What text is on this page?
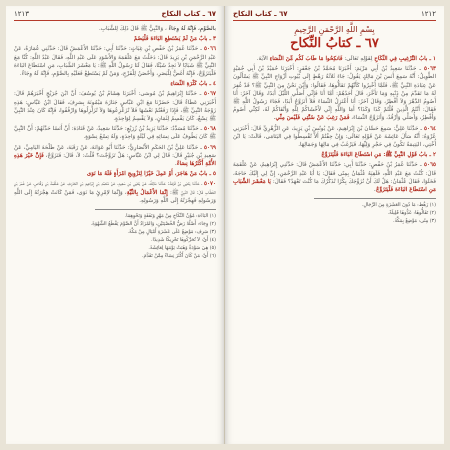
٦٧ ـ كتاب النكاح
١٢١٣

بالصَّوْمِ، فَإِنَّهُ لَهُ وِجَاءٌ ، وَالنَّبِيُّ ﷺ قَالَ ذَلِكَ لِلشَّبَابِ.

٣ ـ بابٌ مَنْ لَمْ يَسْتَطِعِ البَاءَةَ فَلْيَصُمْ

٥٠٦٦ ـ حَدَّثَنَا عُمَرُ بْنُ حَفْصِ بْنِ غِيَاثٍ: حَدَّثَنَا أَبِي: حَدَّثَنَا الأَعْمَشُ قَالَ: حَدَّثَنِي عُمَارَةُ، عَنْ عَبْدِ الرَّحْمَنِ بْنِ يَزِيدَ قَالَ: دَخَلْتُ مَعَ عَلْقَمَةَ وَالأَسْوَدِ عَلَى عَبْدِ اللَّهِ، فَقَالَ عَبْدُ اللَّهِ: كُنَّا مَعَ النَّبِيِّ ﷺ شَبَابًا لاَ نَجِدُ شَيْئًا، فَقَالَ لَنَا رَسُولُ اللَّهِ ﷺ: يَا مَعْشَرَ الشَّبَابِ، مَنِ اسْتَطَاعَ البَاءَةَ فَلْيَتَزَوَّجْ، فَإِنَّهُ أَغَضُّ لِلْبَصَرِ، وَأَحْصَنُ لِلْفَرْجِ، وَمَنْ لَمْ يَسْتَطِعْ فَعَلَيْهِ بِالصَّوْمِ، فَإِنَّهُ لَهُ وِجَاءٌ.

٤ ـ بابُ كَثْرَةِ النِّسَاءِ

٥٠٦٧ ـ حَدَّثَنَا إِبْرَاهِيمُ بْنُ مُوسَى: أَخْبَرَنَا هِشَامُ بْنُ يُوسُفَ: أَنَّ ابْنَ جُرَيْجٍ أَخْبَرَهُمْ قَالَ: أَخْبَرَنِي عَطَاءٌ قَالَ: حَضَرْنَا مَعَ ابْنِ عَبَّاسٍ جَنَازَةَ مَيْمُونَةَ بِسَرِفَ، فَقَالَ ابْنُ عَبَّاسٍ: هَذِهِ زَوْجَةُ النَّبِيِّ ﷺ، فَإِذَا رَفَعْتُمْ نَعْشَهَا فَلاَ تُزَعْزِعُوهَا وَلاَ تُزَلْزِلُوهَا وَارْفُقُوا، فَإِنَّهُ كَانَ عِنْدَ النَّبِيِّ ﷺ تِسْعٌ، كَانَ يَقْسِمُ لِثَمَانٍ، وَلاَ يَقْسِمُ لِوَاحِدَةٍ.

٥٠٦٨ ـ حَدَّثَنَا مُسَدَّدٌ: حَدَّثَنَا يَزِيدُ بْنُ زُرَيْعٍ: حَدَّثَنَا سَعِيدٌ، عَنْ قَتَادَةَ: أَنَّ أَنَسًا حَدَّثَهُمْ: أَنَّ النَّبِيَّ ﷺ كَانَ يَطُوفُ عَلَى نِسَائِهِ فِي لَيْلَةٍ وَاحِدَةٍ، وَلَهُ تِسْعُ نِسْوَةٍ.

٥٠٦٩ ـ حَدَّثَنَا عَلِيُّ بْنُ الحَكَمِ الأَنْصَارِيُّ: حَدَّثَنَا أَبُو عَوَانَةَ، عَنْ رَقَبَةَ، عَنْ طَلْحَةَ اليَامِيِّ، عَنْ سَعِيدِ بْنِ جُبَيْرٍ قَالَ: قَالَ لِي ابْنُ عَبَّاسٍ: هَلْ تَزَوَّجْتَ؟ قُلْتُ: لاَ، قَالَ: فَتَزَوَّجْ، فَإِنَّ خَيْرَ هَذِهِ الأُمَّةِ أَكْثَرُهَا نِسَاءً.

٥ ـ بابٌ مَنْ هَاجَرَ، أَوْ عَمِلَ خَيْرًا لِتَزْوِيجِ امْرَأَةٍ فَلَهُ مَا نَوَى

٥٠٧٠ ـ حَدَّثَنَا يَحْيَى بْنُ قَزَعَةَ: حَدَّثَنَا مَالِكٌ، عَنْ يَحْيَى بْنِ سَعِيدٍ، عَنْ مُحَمَّدِ بْنِ إِبْرَاهِيمَ بْنِ الحَارِثِ، عَنْ عَلْقَمَةَ بْنِ وَقَّاصٍ، عَنْ عُمَرَ بْنِ الخَطَّابِ قَالَ: قَالَ النَّبِيُّ ﷺ: إِنَّمَا الأَعْمَالُ بِالنِّيَّةِ، وَإِنَّمَا لاِمْرِئٍ مَا نَوَى، فَمَنْ كَانَتْ هِجْرَتُهُ إِلَى اللَّهِ وَرَسُولِهِ فَهِجْرَتُهُ إِلَى اللَّهِ وَرَسُولِهِ.

(١) البَاءَة: مُؤَنُ النِّكَاحِ مِنْ مَهْرٍ وَنَفَقَةٍ وَنَحْوِهِمَا.

(٢) وِجَاء: أَصْلُهُ رَضُّ الخُصْيَتَيْنِ، وَالمُرَادُ أَنَّ الصَّوْمَ يَقْطَعُ الشَّهْوَةَ.

(٣) سَرِف: مَوْضِعٌ عَلَى عَشَرَةِ أَمْيَالٍ مِنْ مَكَّةَ.

(٤) أَيْ: لاَ تُحَرِّكُوهَا تَحْرِيكًا شَدِيدًا.

(٥) هِيَ سَوْدَةُ وَهَبَتْ يَوْمَهَا لِعَائِشَةَ.

(٦) أَيْ: مَنْ كَانَ أَكْثَرَ نِسَاءً مِمَّنْ تَقَدَّمَ.

١٢١٢
٦٧ ـ كتاب النكاح
بِسْمِ اللَّهِ الرَّحْمَنِ الرَّحِيمِ
٦٧ ـ كتابُ النِّكاح

١ ـ بابُ التَّرْغِيبِ فِي النِّكَاحِ لِقَوْلِهِ تَعَالَى: فَانكِحُوا مَا طَابَ لَكُم مِّنَ النِّسَاءِ الآيَةَ.

٥٠٦٣ ـ حَدَّثَنَا سَعِيدُ بْنُ أَبِي مَرْيَمَ: أَخْبَرَنَا مُحَمَّدُ بْنُ جَعْفَرٍ: أَخْبَرَنَا حُمَيْدُ بْنُ أَبِي حُمَيْدٍ الطَّوِيلُ: أَنَّهُ سَمِعَ أَنَسَ بْنَ مَالِكٍ يَقُولُ: جَاءَ ثَلاَثَةُ رَهْطٍ إِلَى بُيُوتِ أَزْوَاجِ النَّبِيِّ ﷺ يَسْأَلُونَ عَنْ عِبَادَةِ النَّبِيِّ ﷺ، فَلَمَّا أُخْبِرُوا كَأَنَّهُمْ تَقَالُّوهَا، فَقَالُوا: وَأَيْنَ نَحْنُ مِنَ النَّبِيِّ ﷺ؟ قَدْ غُفِرَ لَهُ مَا تَقَدَّمَ مِنْ ذَنْبِهِ وَمَا تَأَخَّرَ، قَالَ أَحَدُهُمْ: أَمَّا أَنَا فَإِنِّي أُصَلِّي اللَّيْلَ أَبَدًا، وَقَالَ آخَرُ: أَنَا أَصُومُ الدَّهْرَ وَلاَ أُفْطِرُ، وَقَالَ آخَرُ: أَنَا أَعْتَزِلُ النِّسَاءَ فَلاَ أَتَزَوَّجُ أَبَدًا، فَجَاءَ رَسُولُ اللَّهِ ﷺ فَقَالَ: أَنْتُمُ الَّذِينَ قُلْتُمْ كَذَا وَكَذَا؟ أَمَا وَاللَّهِ إِنِّي لَأَخْشَاكُمْ لِلَّهِ وَأَتْقَاكُمْ لَهُ، لَكِنِّي أَصُومُ وَأُفْطِرُ، وَأُصَلِّي وَأَرْقُدُ، وَأَتَزَوَّجُ النِّسَاءَ، فَمَنْ رَغِبَ عَنْ سُنَّتِي فَلَيْسَ مِنِّي.

٥٠٦٤ ـ حَدَّثَنَا عَلِيٌّ: سَمِعَ حَسَّانَ بْنَ إِبْرَاهِيمَ، عَنْ يُونُسَ بْنِ يَزِيدَ، عَنِ الزُّهْرِيِّ قَالَ: أَخْبَرَنِي عُرْوَةُ: أَنَّهُ سَأَلَ عَائِشَةَ عَنْ قَوْلِهِ تَعَالَى: وَإِنْ خِفْتُمْ أَلاَّ تُقْسِطُوا فِي اليَتَامَى، قَالَتْ: يَا ابْنَ أُخْتِي، اليَتِيمَةُ تَكُونُ فِي حَجْرِ وَلِيِّهَا، فَيَرْغَبُ فِي مَالِهَا وَجَمَالِهَا.

٢ ـ بابُ قَوْلِ النَّبِيِّ ﷺ: مَنِ اسْتَطَاعَ البَاءَةَ فَلْيَتَزَوَّجْ

٥٠٦٥ ـ حَدَّثَنَا عُمَرُ بْنُ حَفْصٍ: حَدَّثَنَا أَبِي: حَدَّثَنَا الأَعْمَشُ قَالَ: حَدَّثَنِي إِبْرَاهِيمُ، عَنْ عَلْقَمَةَ قَالَ: كُنْتُ مَعَ عَبْدِ اللَّهِ، فَلَقِيَهُ عُثْمَانُ بِمِنًى فَقَالَ: يَا أَبَا عَبْدِ الرَّحْمَنِ، إِنَّ لِي إِلَيْكَ حَاجَةً، فَخَلَوَا، فَقَالَ عُثْمَانُ: هَلْ لَكَ أَنْ نُزَوِّجَكَ بِكْرًا تُذَكِّرُكَ مَا كُنْتَ تَعْهَدُ؟ فَقَالَ: يَا مَعْشَرَ الشَّبَابِ مَنِ اسْتَطَاعَ البَاءَةَ فَلْيَتَزَوَّجْ.

(١) رَهْط: مَا دُونَ العَشَرَةِ مِنَ الرِّجَالِ.

(٢) تَقَالُّوهَا: عَدُّوهَا قَلِيلَةً.

(٣) مِنًى: مَوْضِعٌ بِمَكَّةَ.
